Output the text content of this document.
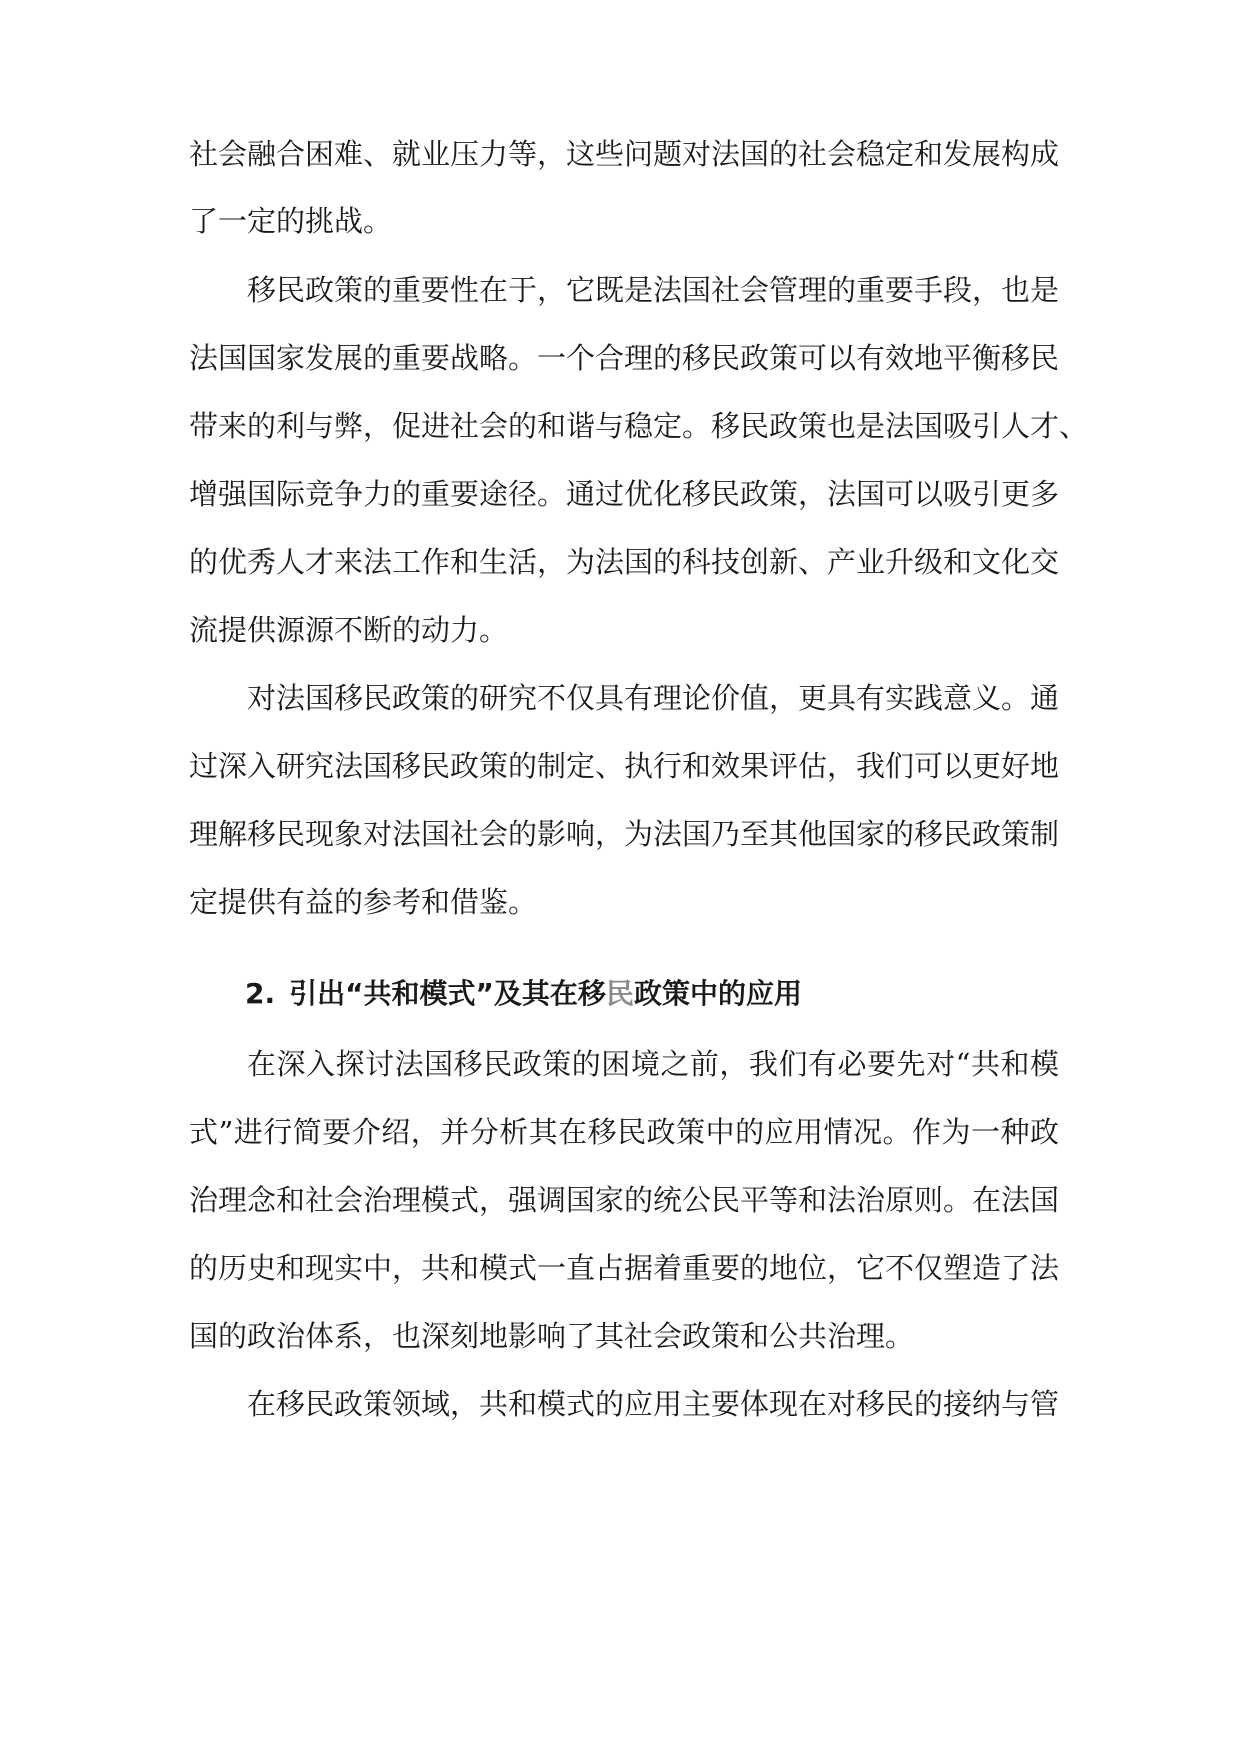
社会融合困难、就业压力等，这些问题对法国的社会稳定和发展构成
了一定的挑战。
移民政策的重要性在于，它既是法国社会管理的重要手段，也是
法国国家发展的重要战略。一个合理的移民政策可以有效地平衡移民
带来的利与弊，促进社会的和谐与稳定。移民政策也是法国吸引人才、
增强国际竞争力的重要途径。通过优化移民政策，法国可以吸引更多
的优秀人才来法工作和生活，为法国的科技创新、产业升级和文化交
流提供源源不断的动力。
对法国移民政策的研究不仅具有理论价值，更具有实践意义。通
过深入研究法国移民政策的制定、执行和效果评估，我们可以更好地
理解移民现象对法国社会的影响，为法国乃至其他国家的移民政策制
定提供有益的参考和借鉴。
2. 引出“共和模式”及其在移民政策中的应用
在深入探讨法国移民政策的困境之前，我们有必要先对“共和模
式”进行简要介绍，并分析其在移民政策中的应用情况。作为一种政
治理念和社会治理模式，强调国家的统公民平等和法治原则。在法国
的历史和现实中，共和模式一直占据着重要的地位，它不仅塑造了法
国的政治体系，也深刻地影响了其社会政策和公共治理。
在移民政策领域，共和模式的应用主要体现在对移民的接纳与管
